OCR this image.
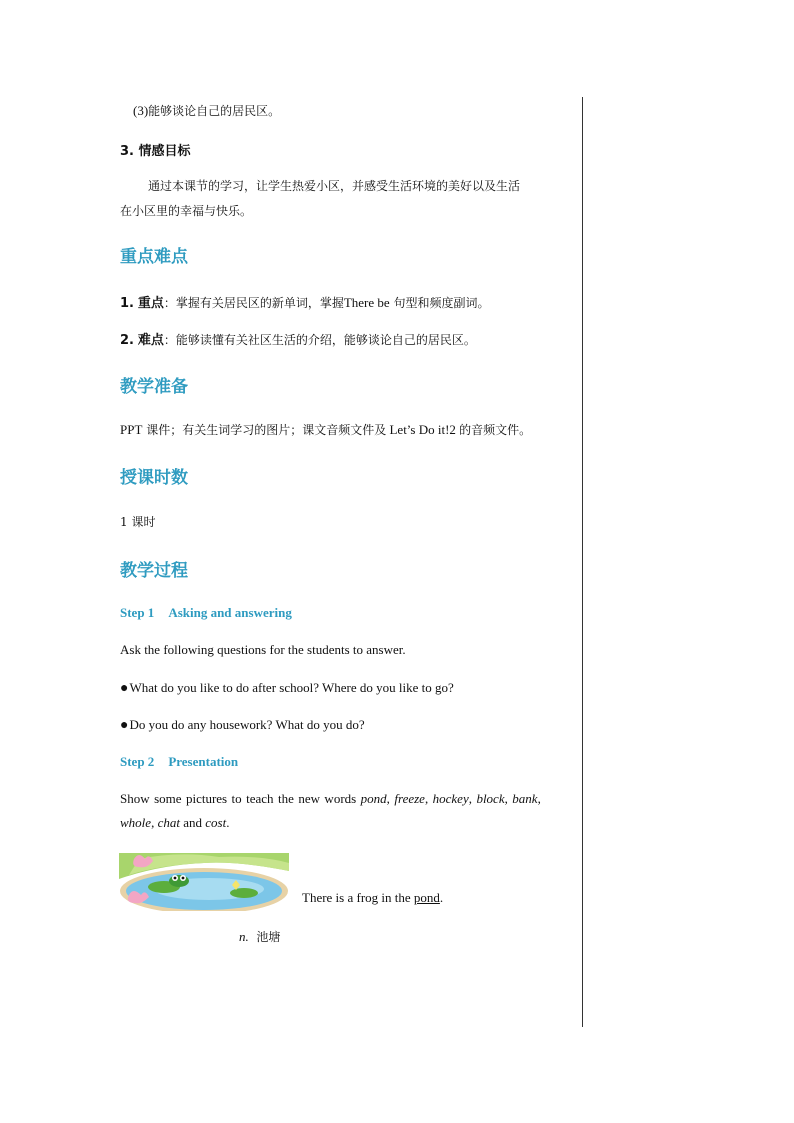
(3)能够谈论自己的居民区。
3. 情感目标
通过本课节的学习，让学生热爱小区，并感受生活环境的美好以及生活
在小区里的幸福与快乐。
重点难点
1. 重点：掌握有关居民区的新单词，掌握There be 句型和频度副词。
2. 难点：能够读懂有关社区生活的介绍，能够谈论自己的居民区。
教学准备
PPT 课件；有关生词学习的图片；课文音频文件及 Let’s Do it!2 的音频文件。
授课时数
1 课时
教学过程
Step 1 Asking and answering
Ask the following questions for the students to answer.
●What do you like to do after school? Where do you like to go?
●Do you do any housework? What do you do?
Step 2 Presentation
Show some pictures to teach the new words pond, freeze, hockey, block, bank,
whole, chat and cost.
There is a frog in the pond.
n. 池塘
